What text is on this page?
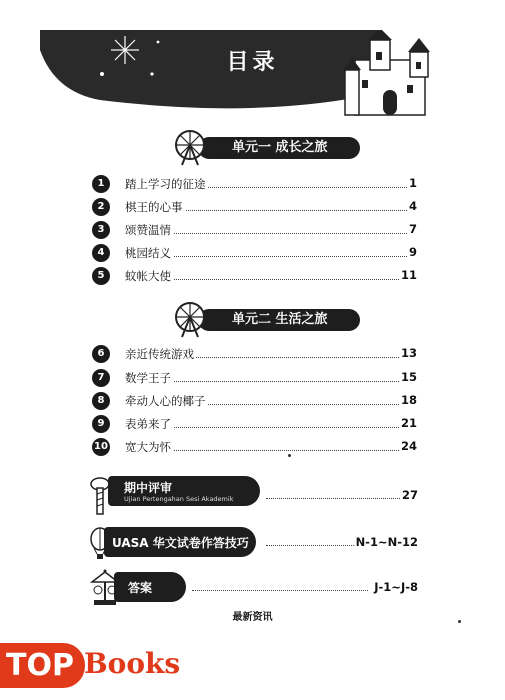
目录
单元一 成长之旅
1	踏上学习的征途	1
2	棋王的心事	4
3	颂赞温情	7
4	桃园结义	9
5	蚊帐大使	11
单元二 生活之旅
6	亲近传统游戏	13
7	数学王子	15
8	牵动人心的椰子	18
9	表弟来了	21
10 宽大为怀	24
期中评审
Ujian Pertengahan Sesi Akademik	27
UASA 华文试卷作答技巧	N-1~N-12
答案	J-1~J-8
最新资讯
TOP Books
